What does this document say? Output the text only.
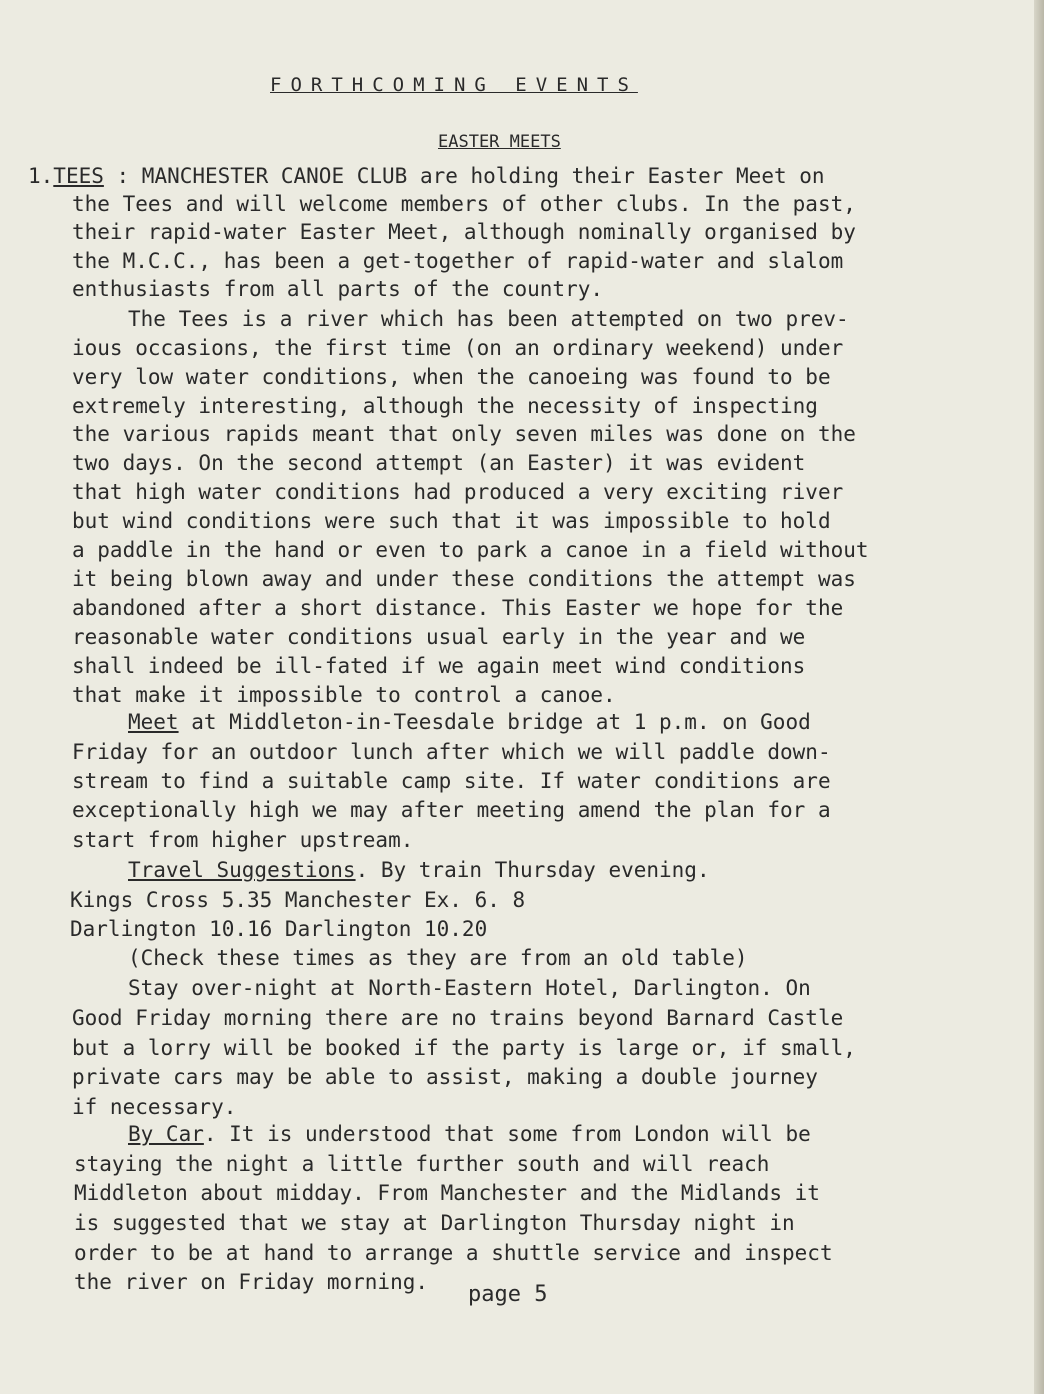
FORTHCOMING EVENTS
EASTER MEETS
1.TEES : MANCHESTER CANOE CLUB are holding their Easter Meet on
the Tees and will welcome members of other clubs. In the past,
their rapid-water Easter Meet, although nominally organised by
the M.C.C., has been a get-together of rapid-water and slalom
enthusiasts from all parts of the country.
The Tees is a river which has been attempted on two prev-
ious occasions, the first time (on an ordinary weekend) under
very low water conditions, when the canoeing was found to be
extremely interesting, although the necessity of inspecting
the various rapids meant that only seven miles was done on the
two days. On the second attempt (an Easter) it was evident
that high water conditions had produced a very exciting river
but wind conditions were such that it was impossible to hold
a paddle in the hand or even to park a canoe in a field without
it being blown away and under these conditions the attempt was
abandoned after a short distance. This Easter we hope for the
reasonable water conditions usual early in the year and we
shall indeed be ill-fated if we again meet wind conditions
that make it impossible to control a canoe.
Meet at Middleton-in-Teesdale bridge at 1 p.m. on Good
Friday for an outdoor lunch after which we will paddle down-
stream to find a suitable camp site. If water conditions are
exceptionally high we may after meeting amend the plan for a
start from higher upstream.
Travel Suggestions. By train Thursday evening.
Kings Cross 5.35 Manchester Ex. 6. 8
Darlington 10.16 Darlington 10.20
(Check these times as they are from an old table)
Stay over-night at North-Eastern Hotel, Darlington. On
Good Friday morning there are no trains beyond Barnard Castle
but a lorry will be booked if the party is large or, if small,
private cars may be able to assist, making a double journey
if necessary.
By Car. It is understood that some from London will be
staying the night a little further south and will reach
Middleton about midday. From Manchester and the Midlands it
is suggested that we stay at Darlington Thursday night in
order to be at hand to arrange a shuttle service and inspect
the river on Friday morning. page 5
